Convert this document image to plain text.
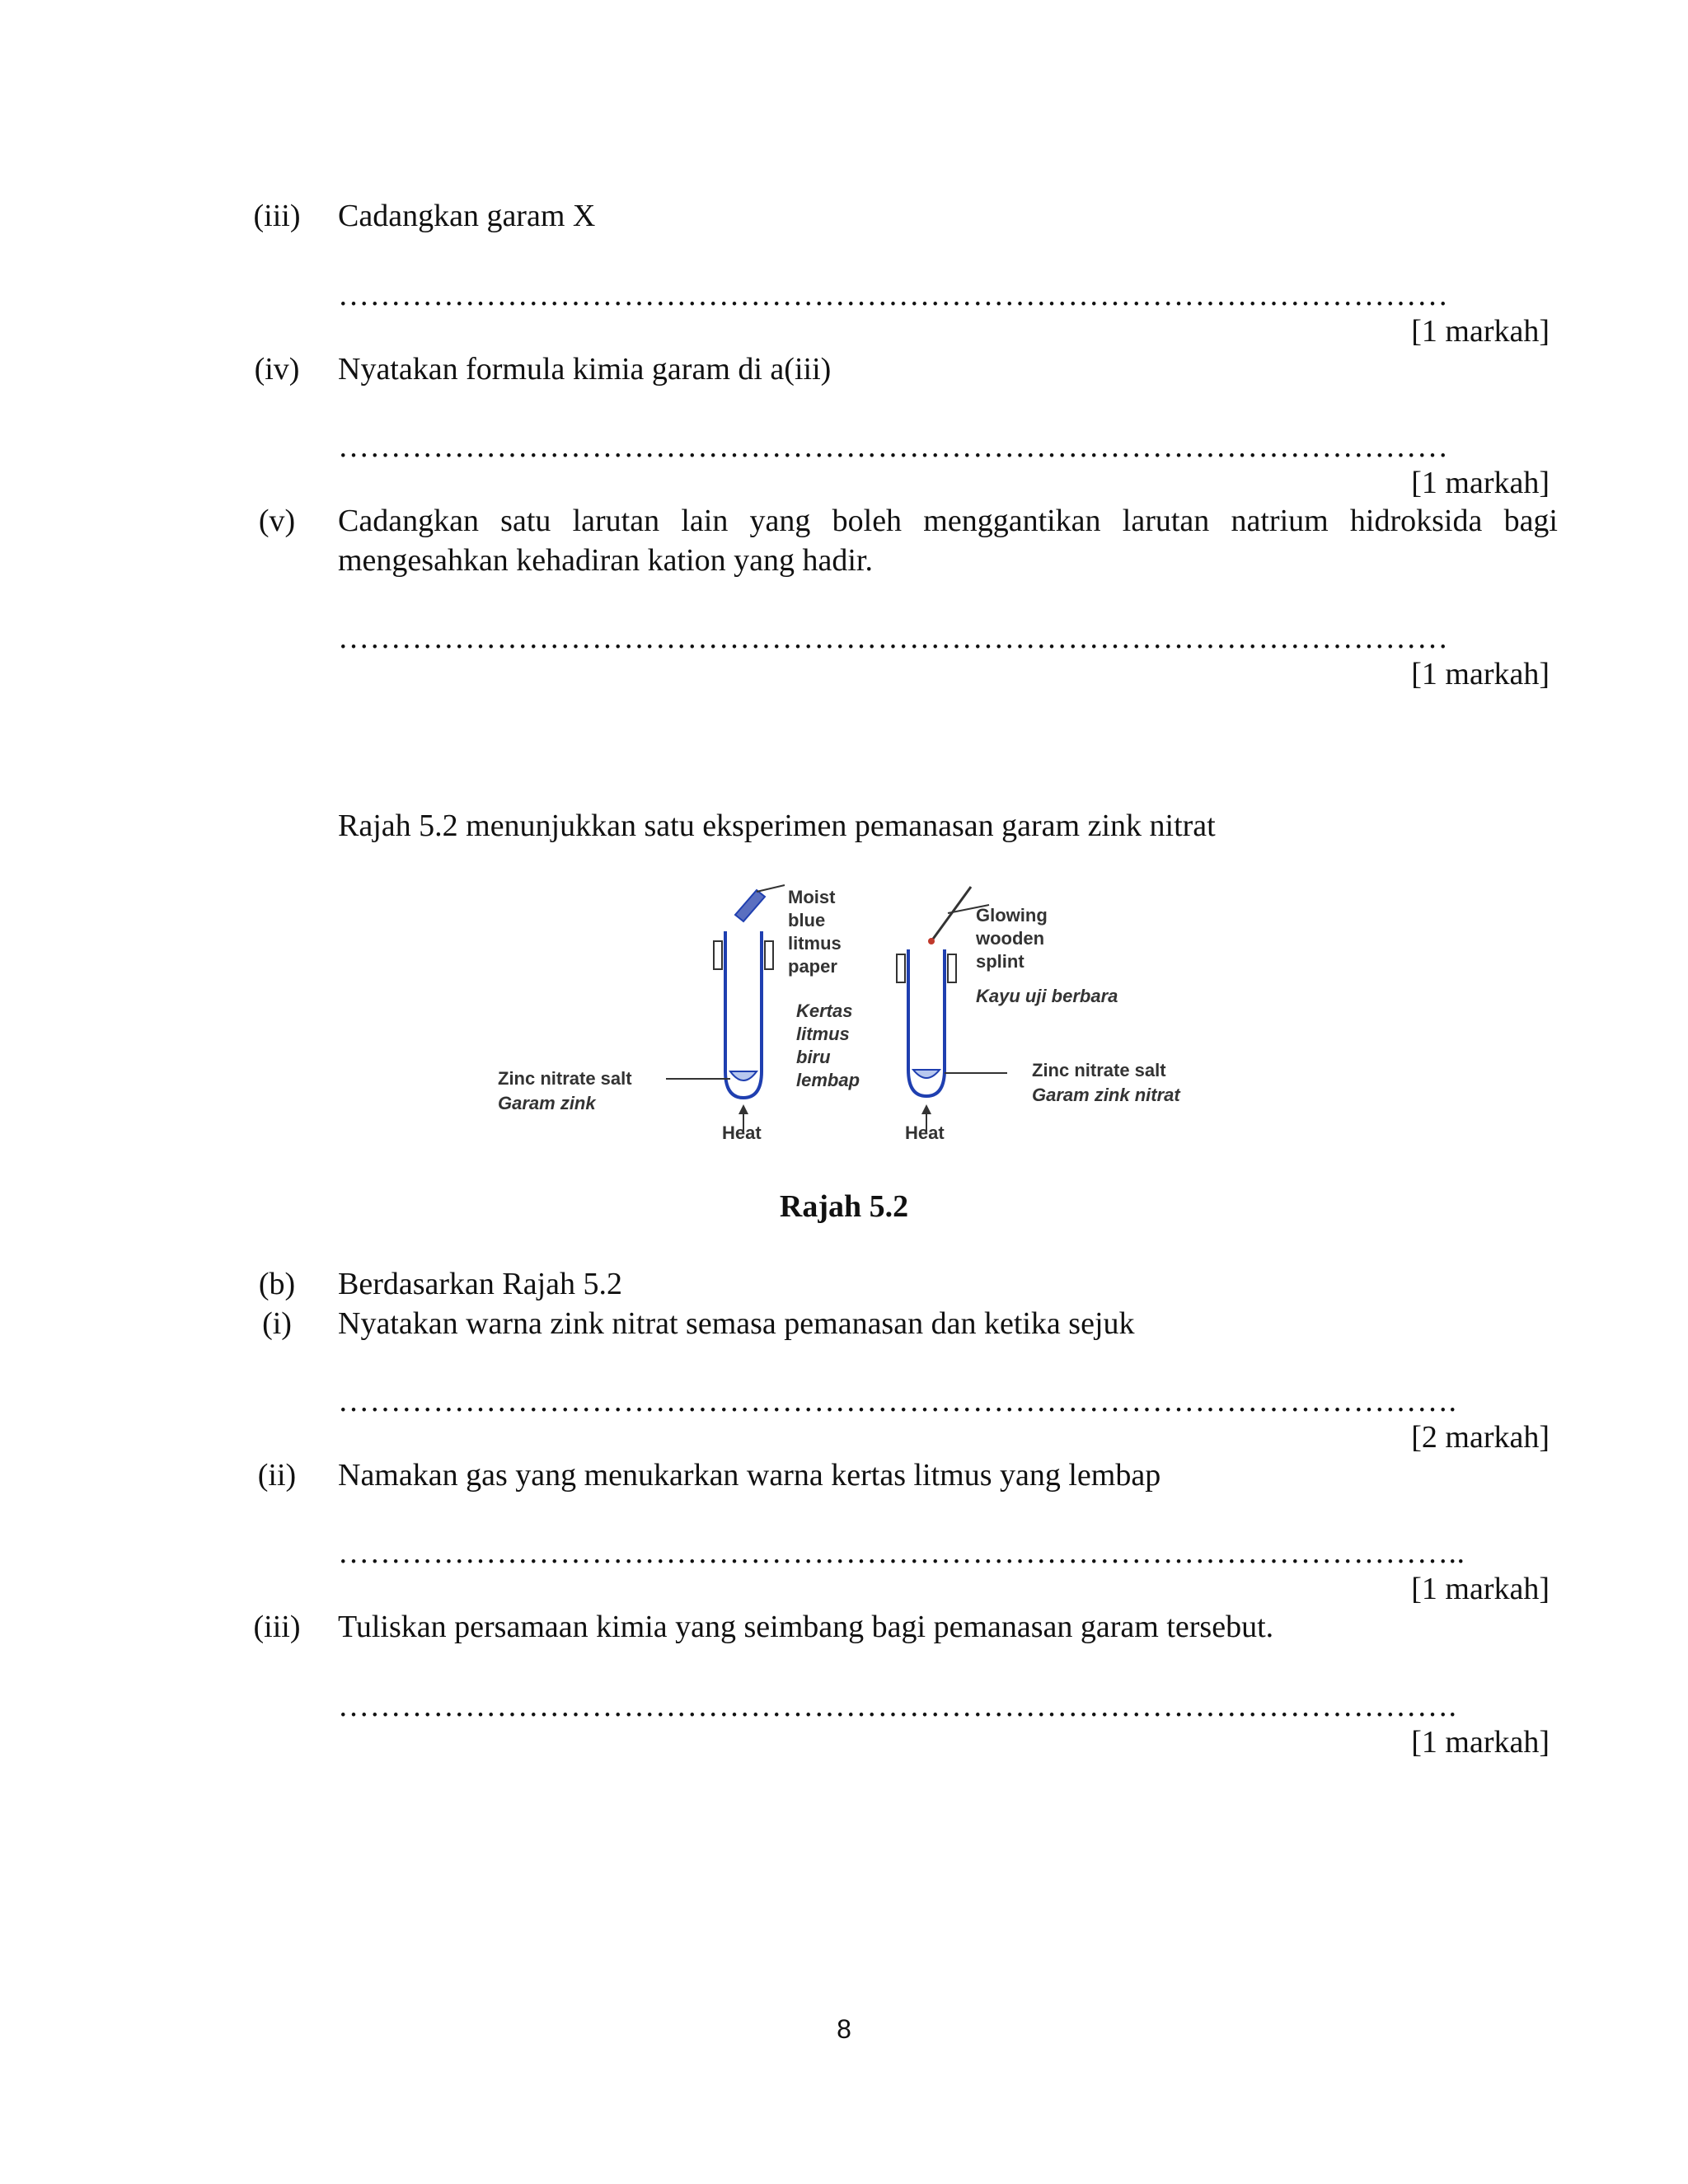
(iii)	Cadangkan garam X
……………………………………………………………………………………………
[1 markah]
(iv)	Nyatakan formula kimia garam di a(iii)
……………………………………………………………………………………………
[1 markah]
(v)	Cadangkan satu larutan lain yang boleh menggantikan larutan natrium hidroksida bagi mengesahkan kehadiran kation yang hadir.
……………………………………………………………………………………………
[1 markah]
Rajah 5.2 menunjukkan satu eksperimen pemanasan garam zink nitrat
Moist
blue
litmus
paper
Kertas
litmus
biru
lembap
Zinc nitrate salt
Garam zink
Heat
Glowing
wooden
splint
Kayu uji berbara
Zinc nitrate salt
Garam zink nitrat
Heat
Rajah 5.2
(b)	Berdasarkan Rajah 5.2
(i)	Nyatakan warna zink nitrat semasa pemanasan dan ketika sejuk
…………………………………………………………………………………………….
[2 markah]
(ii)	Namakan gas yang menukarkan warna kertas litmus yang lembap
……………………………………………………………………………………………..
[1 markah]
(iii)	Tuliskan persamaan kimia yang seimbang bagi pemanasan garam tersebut.
…………………………………………………………………………………………….
[1 markah]
8
